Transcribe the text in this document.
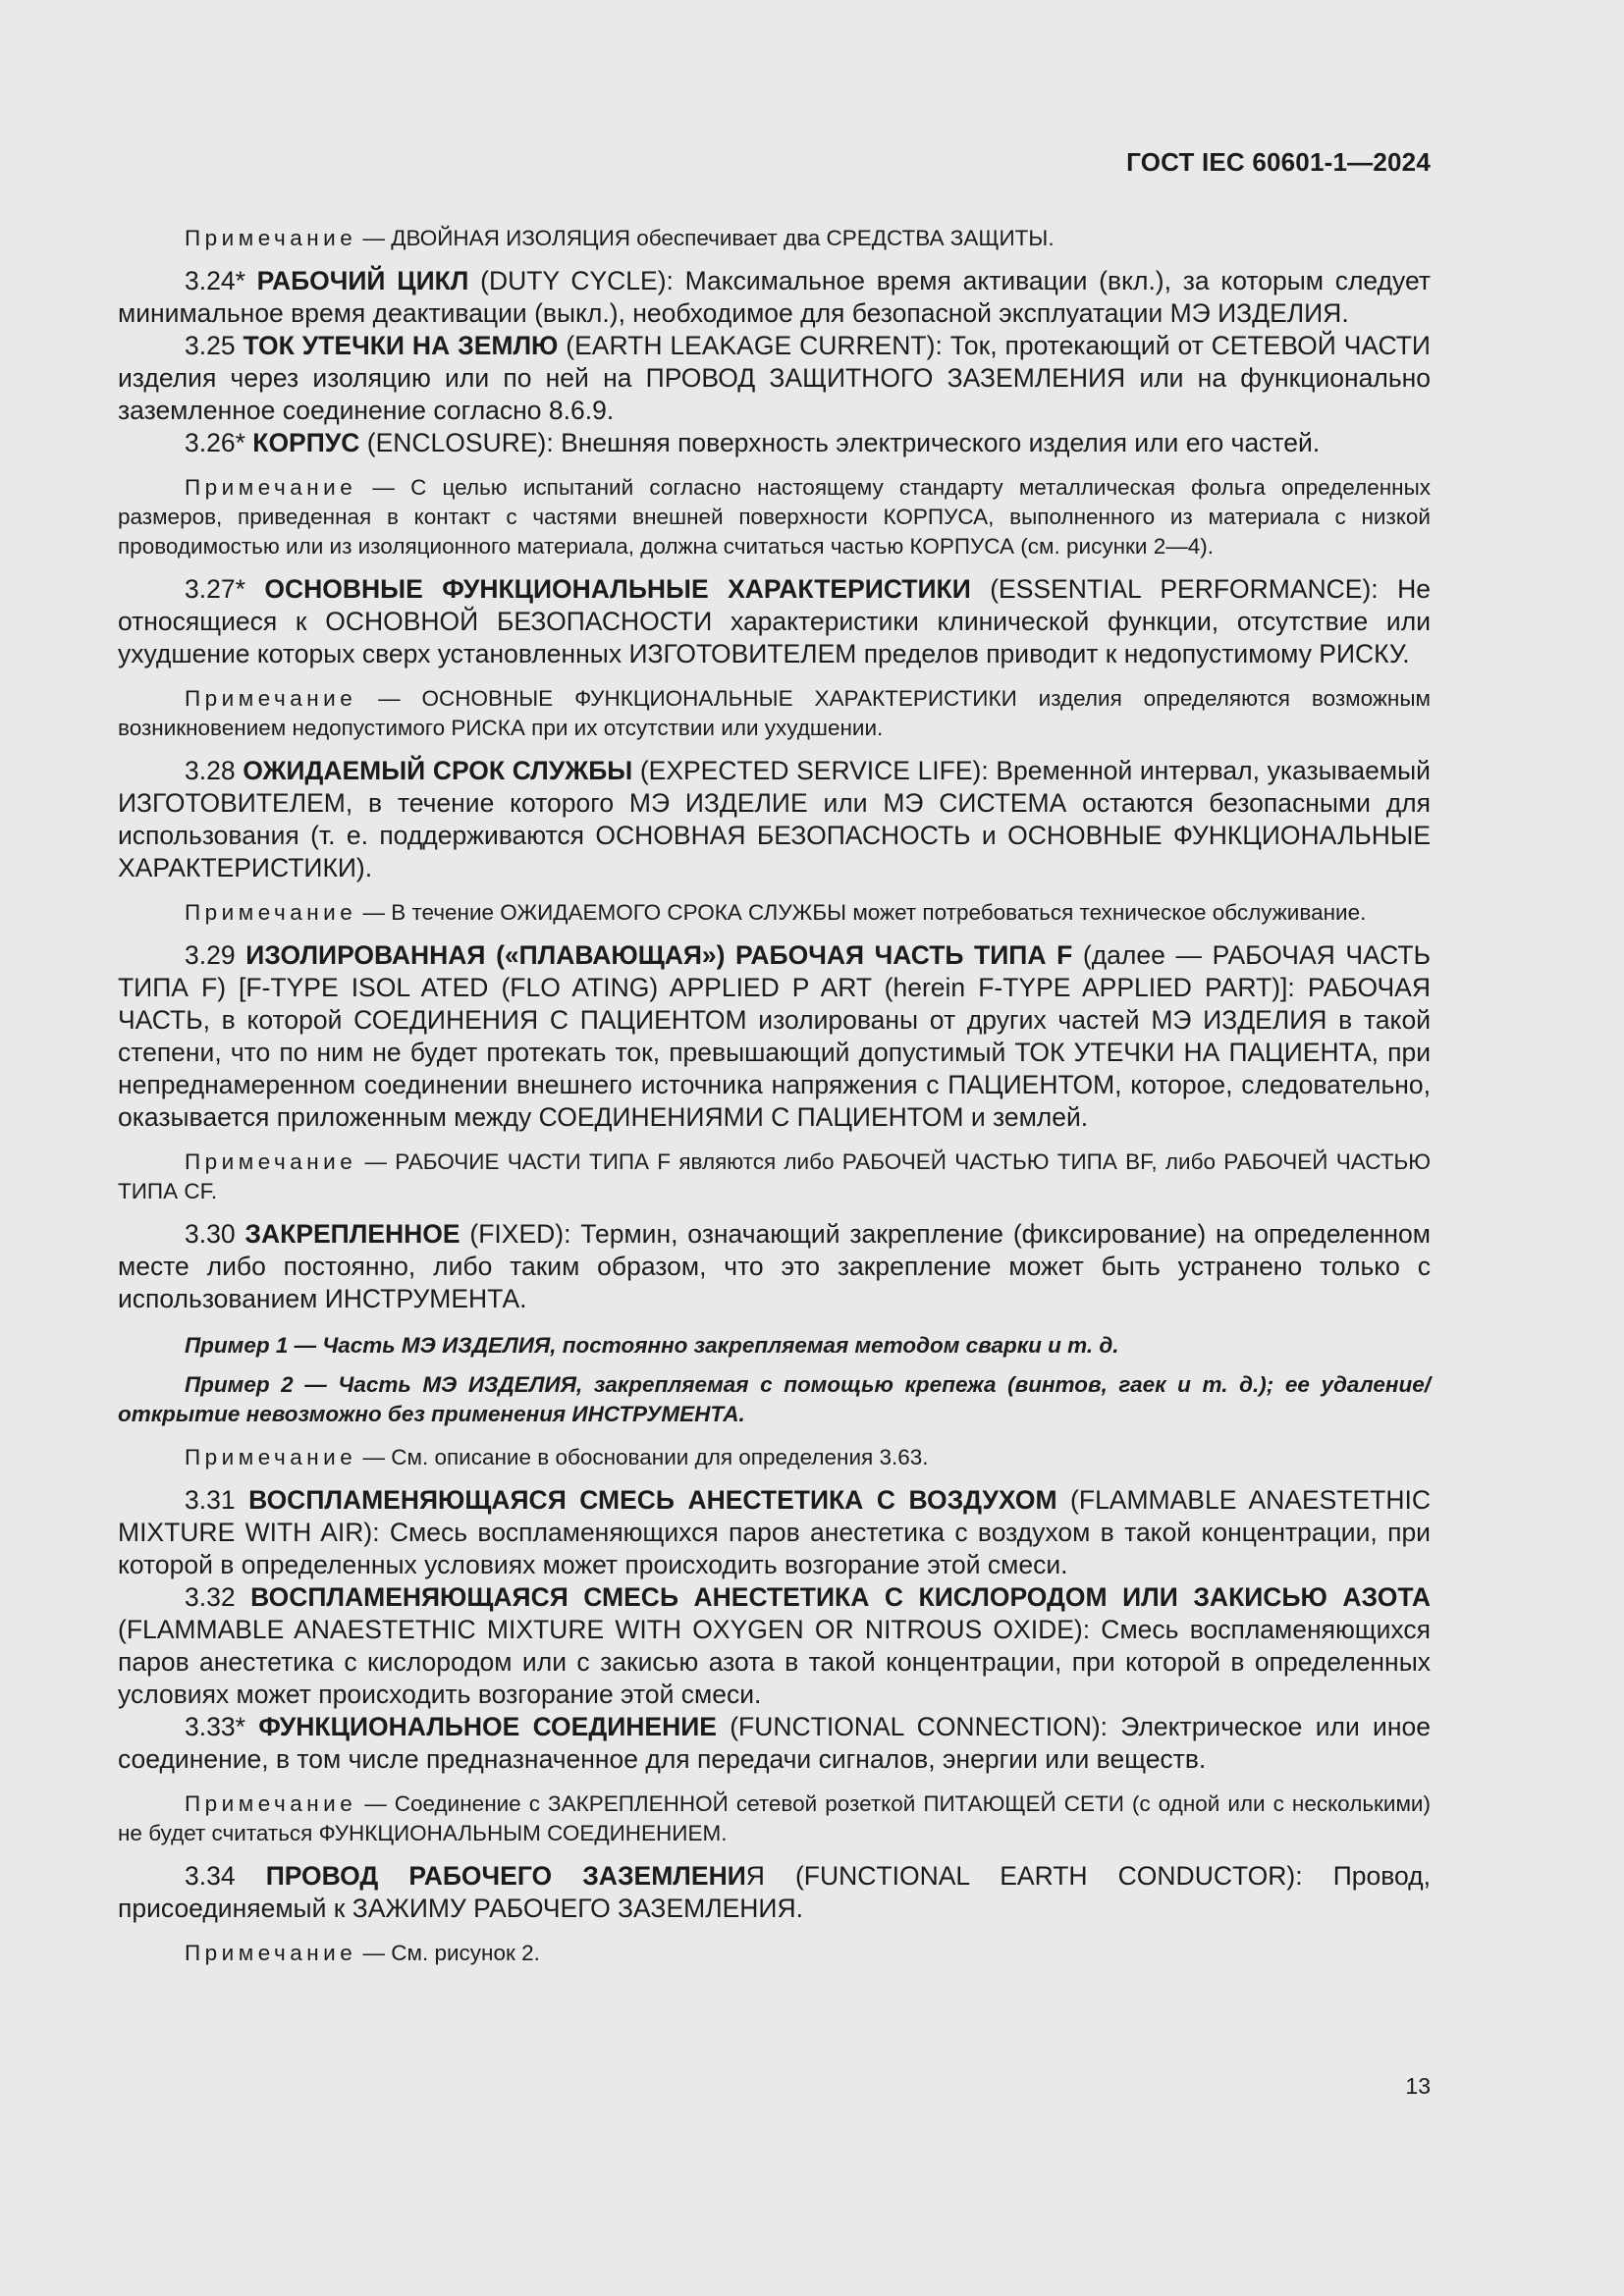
ГОСТ IEC 60601-1—2024

Примечание — ДВОЙНАЯ ИЗОЛЯЦИЯ обеспечивает два СРЕДСТВА ЗАЩИТЫ.

3.24* РАБОЧИЙ ЦИКЛ (DUTY CYCLE): Максимальное время активации (вкл.), за которым следует минимальное время деактивации (выкл.), необходимое для безопасной эксплуатации МЭ ИЗДЕЛИЯ.

3.25 ТОК УТЕЧКИ НА ЗЕМЛЮ (EARTH LEAKAGE CURRENT): Ток, протекающий от СЕТЕВОЙ ЧАСТИ изделия через изоляцию или по ней на ПРОВОД ЗАЩИТНОГО ЗАЗЕМЛЕНИЯ или на функционально заземленное соединение согласно 8.6.9.

3.26* КОРПУС (ENCLOSURE): Внешняя поверхность электрического изделия или его частей.

Примечание — С целью испытаний согласно настоящему стандарту металлическая фольга определенных размеров, приведенная в контакт с частями внешней поверхности КОРПУСА, выполненного из материала с низкой проводимостью или из изоляционного материала, должна считаться частью КОРПУСА (см. рисунки 2—4).

3.27* ОСНОВНЫЕ ФУНКЦИОНАЛЬНЫЕ ХАРАКТЕРИСТИКИ (ESSENTIAL PERFORMANCE): Не относящиеся к ОСНОВНОЙ БЕЗОПАСНОСТИ характеристики клинической функции, отсутствие или ухудшение которых сверх установленных ИЗГОТОВИТЕЛЕМ пределов приводит к недопустимому РИСКУ.

Примечание — ОСНОВНЫЕ ФУНКЦИОНАЛЬНЫЕ ХАРАКТЕРИСТИКИ изделия определяются возможным возникновением недопустимого РИСКА при их отсутствии или ухудшении.

3.28 ОЖИДАЕМЫЙ СРОК СЛУЖБЫ (EXPECTED SERVICE LIFE): Временной интервал, указываемый ИЗГОТОВИТЕЛЕМ, в течение которого МЭ ИЗДЕЛИЕ или МЭ СИСТЕМА остаются безопасными для использования (т. е. поддерживаются ОСНОВНАЯ БЕЗОПАСНОСТЬ и ОСНОВНЫЕ ФУНКЦИОНАЛЬНЫЕ ХАРАКТЕРИСТИКИ).

Примечание — В течение ОЖИДАЕМОГО СРОКА СЛУЖБЫ может потребоваться техническое обслуживание.

3.29 ИЗОЛИРОВАННАЯ («ПЛАВАЮЩАЯ») РАБОЧАЯ ЧАСТЬ ТИПА F (далее — РАБОЧАЯ ЧАСТЬ ТИПА F) [F-TYPE ISOL ATED (FLO ATING) APPLIED P ART (herein F-TYPE APPLIED PART)]: РАБОЧАЯ ЧАСТЬ, в которой СОЕДИНЕНИЯ С ПАЦИЕНТОМ изолированы от других частей МЭ ИЗДЕЛИЯ в такой степени, что по ним не будет протекать ток, превышающий допустимый ТОК УТЕЧКИ НА ПАЦИЕНТА, при непреднамеренном соединении внешнего источника напряжения с ПАЦИЕНТОМ, которое, следовательно, оказывается приложенным между СОЕДИНЕНИЯМИ С ПАЦИЕНТОМ и землей.

Примечание — РАБОЧИЕ ЧАСТИ ТИПА F являются либо РАБОЧЕЙ ЧАСТЬЮ ТИПА BF, либо РАБОЧЕЙ ЧАСТЬЮ ТИПА CF.

3.30 ЗАКРЕПЛЕННОЕ (FIXED): Термин, означающий закрепление (фиксирование) на определенном месте либо постоянно, либо таким образом, что это закрепление может быть устранено только с использованием ИНСТРУМЕНТА.

Пример 1 — Часть МЭ ИЗДЕЛИЯ, постоянно закрепляемая методом сварки и т. д.

Пример 2 — Часть МЭ ИЗДЕЛИЯ, закрепляемая с помощью крепежа (винтов, гаек и т. д.); ее удаление/открытие невозможно без применения ИНСТРУМЕНТА.

Примечание — См. описание в обосновании для определения 3.63.

3.31 ВОСПЛАМЕНЯЮЩАЯСЯ СМЕСЬ АНЕСТЕТИКА С ВОЗДУХОМ (FLAMMABLE ANAESTETHIC MIXTURE WITH AIR): Смесь воспламеняющихся паров анестетика с воздухом в такой концентрации, при которой в определенных условиях может происходить возгорание этой смеси.

3.32 ВОСПЛАМЕНЯЮЩАЯСЯ СМЕСЬ АНЕСТЕТИКА С КИСЛОРОДОМ ИЛИ ЗАКИСЬЮ АЗОТА (FLAMMABLE ANAESTETHIC MIXTURE WITH OXYGEN OR NITROUS OXIDE): Смесь воспламеняющихся паров анестетика с кислородом или с закисью азота в такой концентрации, при которой в определенных условиях может происходить возгорание этой смеси.

3.33* ФУНКЦИОНАЛЬНОЕ СОЕДИНЕНИЕ (FUNCTIONAL CONNECTION): Электрическое или иное соединение, в том числе предназначенное для передачи сигналов, энергии или веществ.

Примечание — Соединение с ЗАКРЕПЛЕННОЙ сетевой розеткой ПИТАЮЩЕЙ СЕТИ (с одной или с несколькими) не будет считаться ФУНКЦИОНАЛЬНЫМ СОЕДИНЕНИЕМ.

3.34 ПРОВОД РАБОЧЕГО ЗАЗЕМЛЕНИЯ (FUNCTIONAL EARTH CONDUCTOR): Провод, присоединяемый к ЗАЖИМУ РАБОЧЕГО ЗАЗЕМЛЕНИЯ.

Примечание — См. рисунок 2.

13
